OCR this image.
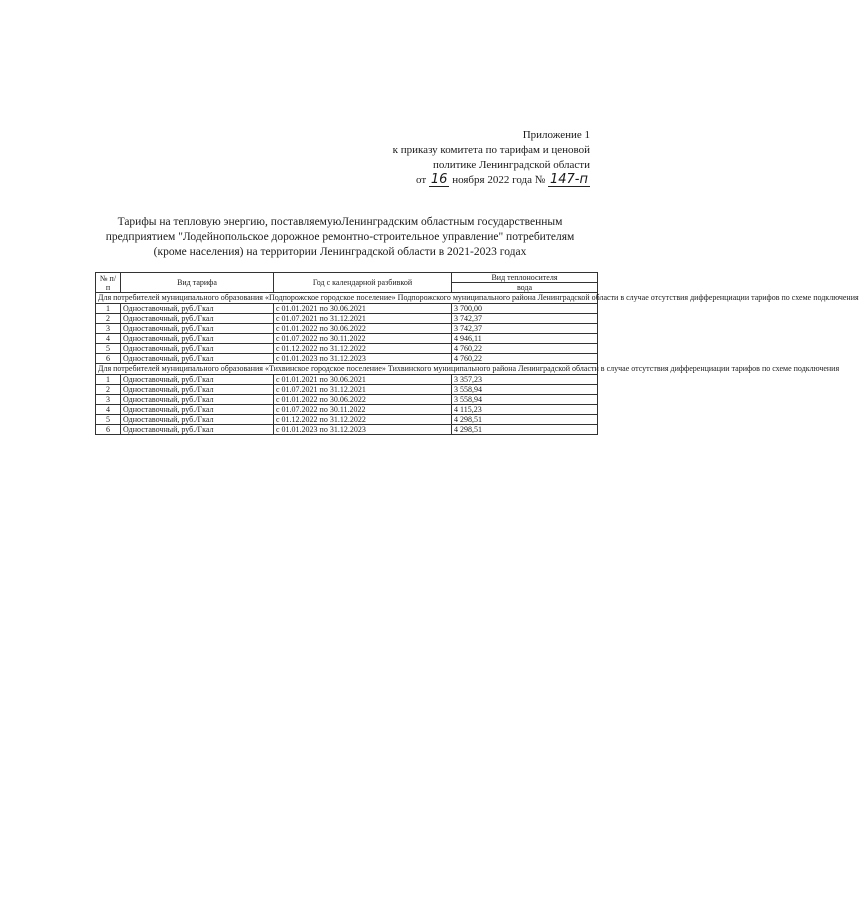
Приложение 1
к приказу комитета по тарифам и ценовой
политике Ленинградской области
от 16 ноября 2022 года № 147-п
Тарифы на тепловую энергию, поставляемуюЛенинградским областным государственным
предприятием "Лодейнопольское дорожное ремонтно-строительное управление" потребителям
(кроме населения) на территории Ленинградской области в 2021-2023 годах
№ п/п	Вид тарифа	Год с календарной разбивкой	Вид теплоносителя
			вода
Для потребителей муниципального образования «Подпорожское городское поселение» Подпорожского муниципального района Ленинградской области в случае отсутствия дифференциации тарифов по схеме подключения			
1	Одноставочный, руб./Гкал	с 01.01.2021 по 30.06.2021	3 700,00
2	Одноставочный, руб./Гкал	с 01.07.2021 по 31.12.2021	3 742,37
3	Одноставочный, руб./Гкал	с 01.01.2022 по 30.06.2022	3 742,37
4	Одноставочный, руб./Гкал	с 01.07.2022 по 30.11.2022	4 946,11
5	Одноставочный, руб./Гкал	с 01.12.2022 по 31.12.2022	4 760,22
6	Одноставочный, руб./Гкал	с 01.01.2023 по 31.12.2023	4 760,22
Для потребителей муниципального образования «Тихвинское городское поселение» Тихвинского муниципального района Ленинградской области в случае отсутствия дифференциации тарифов по схеме подключения			
1	Одноставочный, руб./Гкал	с 01.01.2021 по 30.06.2021	3 357,23
2	Одноставочный, руб./Гкал	с 01.07.2021 по 31.12.2021	3 558,94
3	Одноставочный, руб./Гкал	с 01.01.2022 по 30.06.2022	3 558,94
4	Одноставочный, руб./Гкал	с 01.07.2022 по 30.11.2022	4 115,23
5	Одноставочный, руб./Гкал	с 01.12.2022 по 31.12.2022	4 298,51
6	Одноставочный, руб./Гкал	с 01.01.2023 по 31.12.2023	4 298,51
